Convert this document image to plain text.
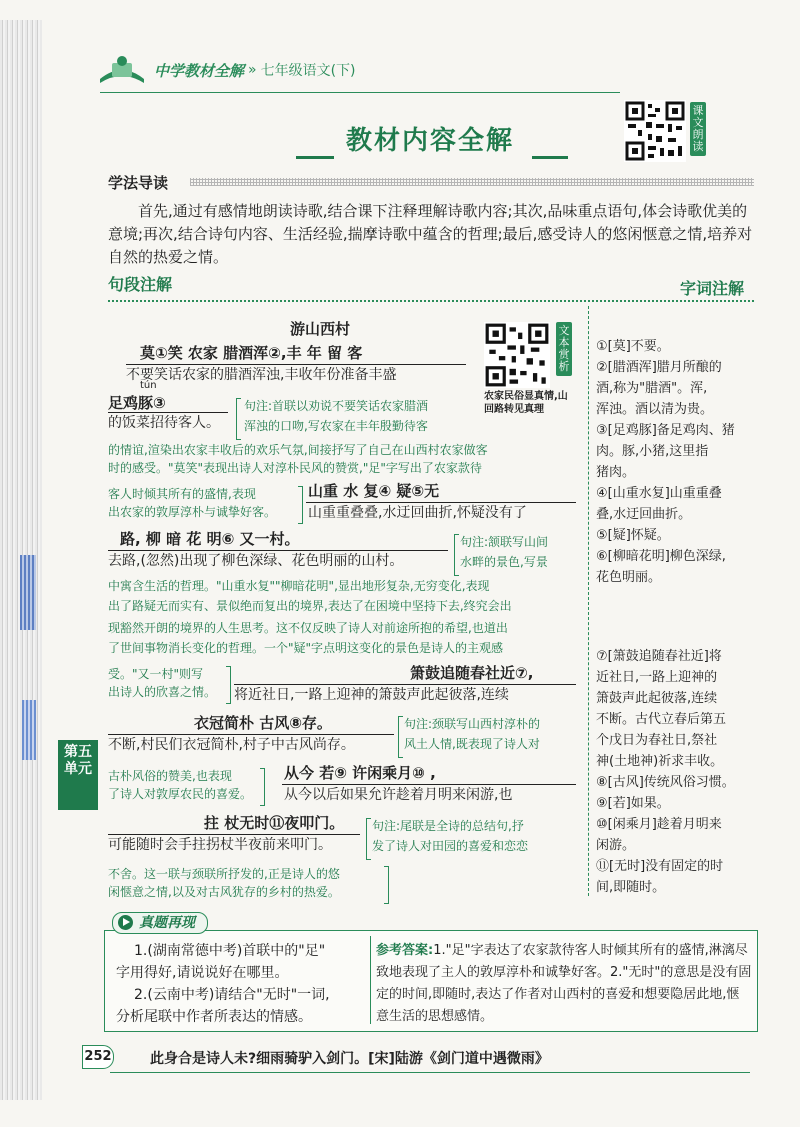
中学教材全解 » 七年级语文(下)
课文朗读
教材内容全解
学法导读
首先,通过有感情地朗读诗歌,结合课下注释理解诗歌内容;其次,品味重点语句,体会诗歌优美的意境;再次,结合诗句内容、生活经验,揣摩诗歌中蕴含的哲理;最后,感受诗人的悠闲惬意之情,培养对自然的热爱之情。
句段注解	字词注解
游山西村	文本赏析
农家民俗显真情,山回路转见真理
莫①笑 农家 腊酒浑②,丰 年 留 客
不要笑话农家的腊酒浑浊,丰收年份准备丰盛
tún
足鸡豚③
的饭菜招待客人。
句注:首联以劝说不要笑话农家腊酒
浑浊的口吻,写农家在丰年殷勤待客
的情谊,渲染出农家丰收后的欢乐气氛,间接抒写了自己在山西村农家做客
时的感受。"莫笑"表现出诗人对淳朴民风的赞赏,"足"字写出了农家款待
客人时倾其所有的盛情,表现
出农家的敦厚淳朴与诚挚好客。
山重 水 复④ 疑⑤无
山重重叠叠,水迂回曲折,怀疑没有了
路, 柳 暗 花 明⑥ 又一村。
去路,(忽然)出现了柳色深绿、花色明丽的山村。
句注:颔联写山间
水畔的景色,写景
中寓含生活的哲理。"山重水复""柳暗花明",显出地形复杂,无穷变化,表现
出了路疑无而实有、景似绝而复出的境界,表达了在困境中坚持下去,终究会出
现豁然开朗的境界的人生思考。这不仅反映了诗人对前途所抱的希望,也道出
了世间事物消长变化的哲理。一个"疑"字点明这变化的景色是诗人的主观感
受。"又一村"则写
出诗人的欣喜之情。
箫鼓追随春社近⑦,
将近社日,一路上迎神的箫鼓声此起彼落,连续
衣冠简朴 古风⑧存。
不断,村民们衣冠简朴,村子中古风尚存。
句注:颈联写山西村淳朴的
风土人情,既表现了诗人对
古朴风俗的赞美,也表现
了诗人对敦厚农民的喜爱。
从今 若⑨ 许闲乘月⑩ ,
从今以后如果允许趁着月明来闲游,也
拄 杖无时⑪夜叩门。
可能随时会手拄拐杖半夜前来叩门。
句注:尾联是全诗的总结句,抒
发了诗人对田园的喜爱和恋恋
不舍。这一联与颈联所抒发的,正是诗人的悠
闲惬意之情,以及对古风犹存的乡村的热爱。
①[莫]不要。
②[腊酒浑]腊月所酿的
酒,称为"腊酒"。浑,
浑浊。酒以清为贵。
③[足鸡豚]备足鸡肉、猪
肉。豚,小猪,这里指
猪肉。
④[山重水复]山重重叠
叠,水迂回曲折。
⑤[疑]怀疑。
⑥[柳暗花明]柳色深绿,
花色明丽。
⑦[箫鼓追随春社近]将
近社日,一路上迎神的
箫鼓声此起彼落,连续
不断。古代立春后第五
个戊日为春社日,祭社
神(土地神)祈求丰收。
⑧[古风]传统风俗习惯。
⑨[若]如果。
⑩[闲乘月]趁着月明来
闲游。
⑪[无时]没有固定的时
间,即随时。
第五单元
真题再现
1.(湖南常德中考)首联中的"足"
字用得好,请说说好在哪里。
2.(云南中考)请结合"无时"一词,
分析尾联中作者所表达的情感。
参考答案:1."足"字表达了农家款待客人时倾其所有的盛情,淋漓尽致地表现了主人的敦厚淳朴和诚挚好客。2."无时"的意思是没有固定的时间,即随时,表达了作者对山西村的喜爱和想要隐居此地,惬意生活的思想感情。
252	此身合是诗人未?细雨骑驴入剑门。[宋]陆游《剑门道中遇微雨》
